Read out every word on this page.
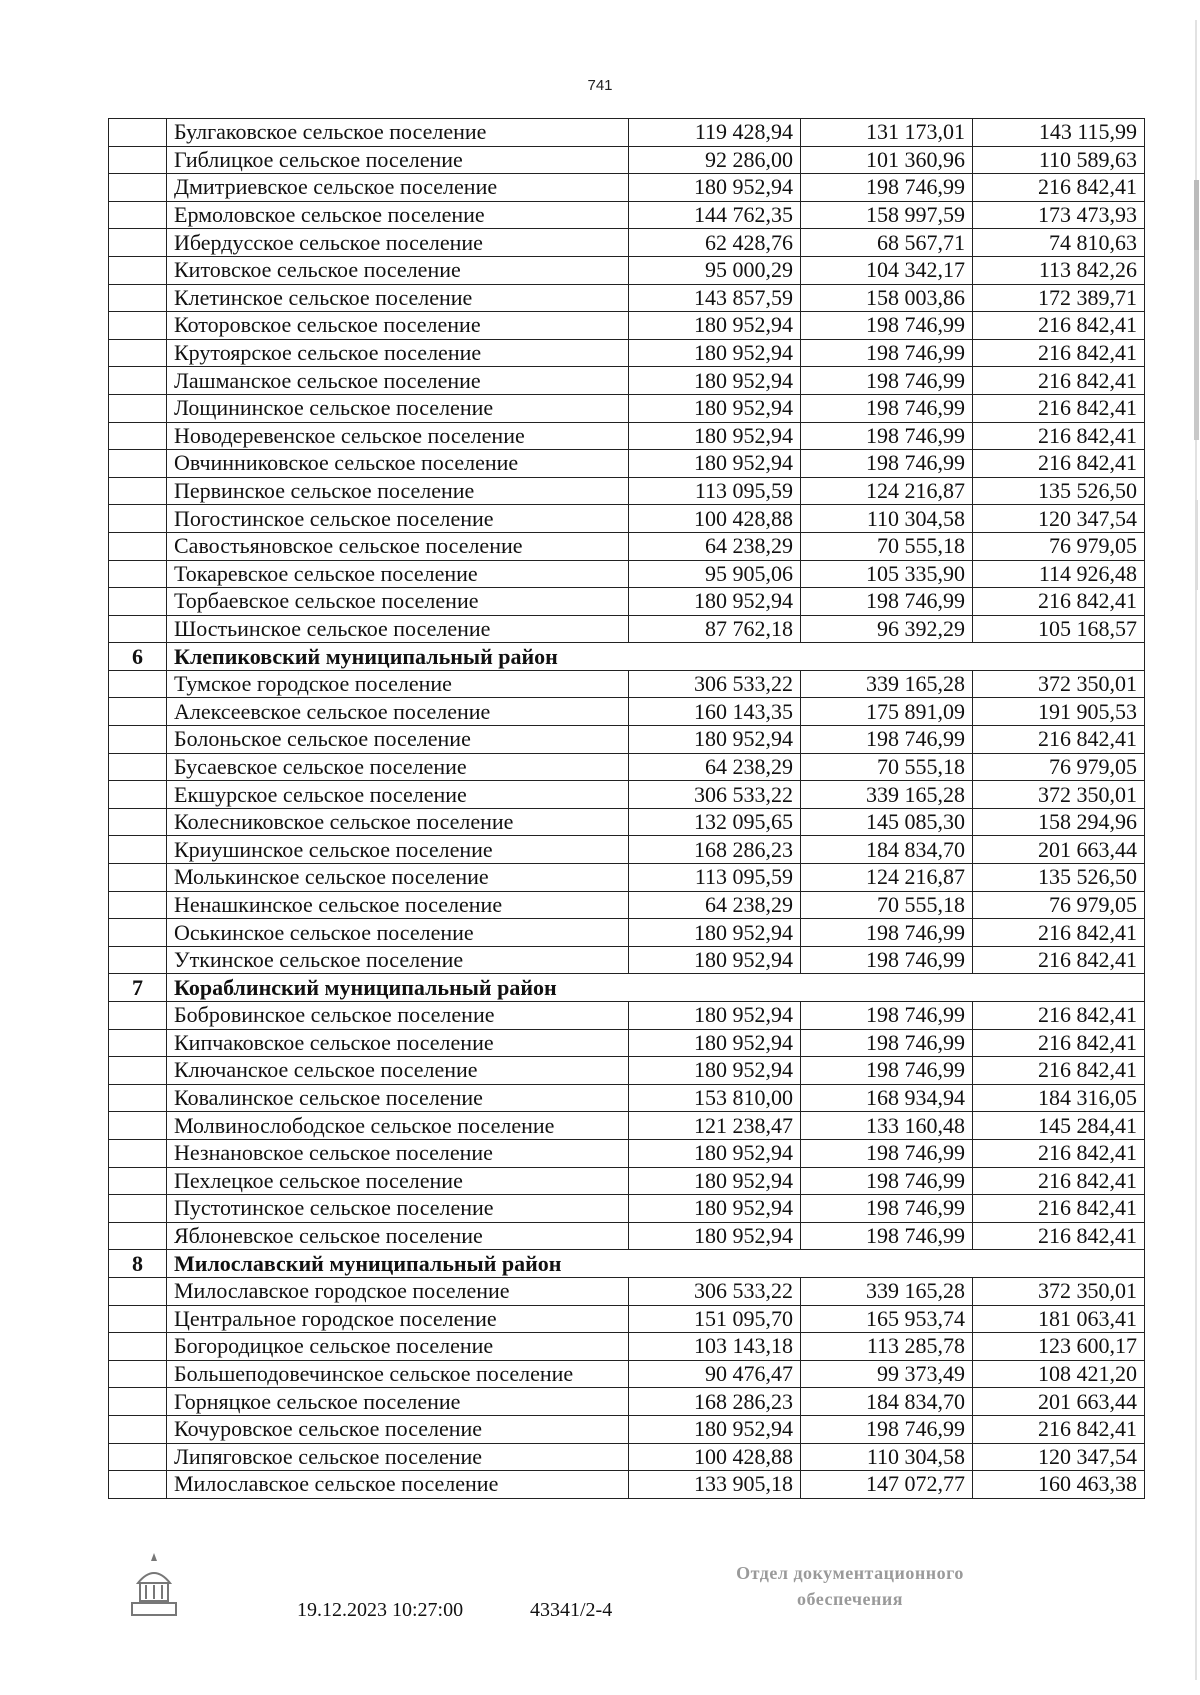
741
	Булгаковское сельское поселение	119 428,94	131 173,01	143 115,99
	Гиблицкое сельское поселение	92 286,00	101 360,96	110 589,63
	Дмитриевское сельское поселение	180 952,94	198 746,99	216 842,41
	Ермоловское сельское поселение	144 762,35	158 997,59	173 473,93
	Ибердусское сельское поселение	62 428,76	68 567,71	74 810,63
	Китовское сельское поселение	95 000,29	104 342,17	113 842,26
	Клетинское сельское поселение	143 857,59	158 003,86	172 389,71
	Которовское сельское поселение	180 952,94	198 746,99	216 842,41
	Крутоярское сельское поселение	180 952,94	198 746,99	216 842,41
	Лашманское сельское поселение	180 952,94	198 746,99	216 842,41
	Лощининское сельское поселение	180 952,94	198 746,99	216 842,41
	Новодеревенское сельское поселение	180 952,94	198 746,99	216 842,41
	Овчинниковское сельское поселение	180 952,94	198 746,99	216 842,41
	Первинское сельское поселение	113 095,59	124 216,87	135 526,50
	Погостинское сельское поселение	100 428,88	110 304,58	120 347,54
	Савостьяновское сельское поселение	64 238,29	70 555,18	76 979,05
	Токаревское сельское поселение	95 905,06	105 335,90	114 926,48
	Торбаевское сельское поселение	180 952,94	198 746,99	216 842,41
	Шостьинское сельское поселение	87 762,18	96 392,29	105 168,57
6	Клепиковский муниципальный район			
	Тумское городское поселение	306 533,22	339 165,28	372 350,01
	Алексеевское сельское поселение	160 143,35	175 891,09	191 905,53
	Болоньское сельское поселение	180 952,94	198 746,99	216 842,41
	Бусаевское сельское поселение	64 238,29	70 555,18	76 979,05
	Екшурское сельское поселение	306 533,22	339 165,28	372 350,01
	Колесниковское сельское поселение	132 095,65	145 085,30	158 294,96
	Криушинское сельское поселение	168 286,23	184 834,70	201 663,44
	Молькинское сельское поселение	113 095,59	124 216,87	135 526,50
	Ненашкинское сельское поселение	64 238,29	70 555,18	76 979,05
	Оськинское сельское поселение	180 952,94	198 746,99	216 842,41
	Уткинское сельское поселение	180 952,94	198 746,99	216 842,41
7	Кораблинский муниципальный район			
	Бобровинское сельское поселение	180 952,94	198 746,99	216 842,41
	Кипчаковское сельское поселение	180 952,94	198 746,99	216 842,41
	Ключанское сельское поселение	180 952,94	198 746,99	216 842,41
	Ковалинское сельское поселение	153 810,00	168 934,94	184 316,05
	Молвинослободское сельское поселение	121 238,47	133 160,48	145 284,41
	Незнановское сельское поселение	180 952,94	198 746,99	216 842,41
	Пехлецкое сельское поселение	180 952,94	198 746,99	216 842,41
	Пустотинское сельское поселение	180 952,94	198 746,99	216 842,41
	Яблоневское сельское поселение	180 952,94	198 746,99	216 842,41
8	Милославский муниципальный район			
	Милославское городское поселение	306 533,22	339 165,28	372 350,01
	Центральное городское поселение	151 095,70	165 953,74	181 063,41
	Богородицкое сельское поселение	103 143,18	113 285,78	123 600,17
	Большеподовечинское сельское поселение	90 476,47	99 373,49	108 421,20
	Горняцкое сельское поселение	168 286,23	184 834,70	201 663,44
	Кочуровское сельское поселение	180 952,94	198 746,99	216 842,41
	Липяговское сельское поселение	100 428,88	110 304,58	120 347,54
	Милославское сельское поселение	133 905,18	147 072,77	160 463,38
19.12.2023 10:27:00	43341/2-4
Отдел документационного
обеспечения
